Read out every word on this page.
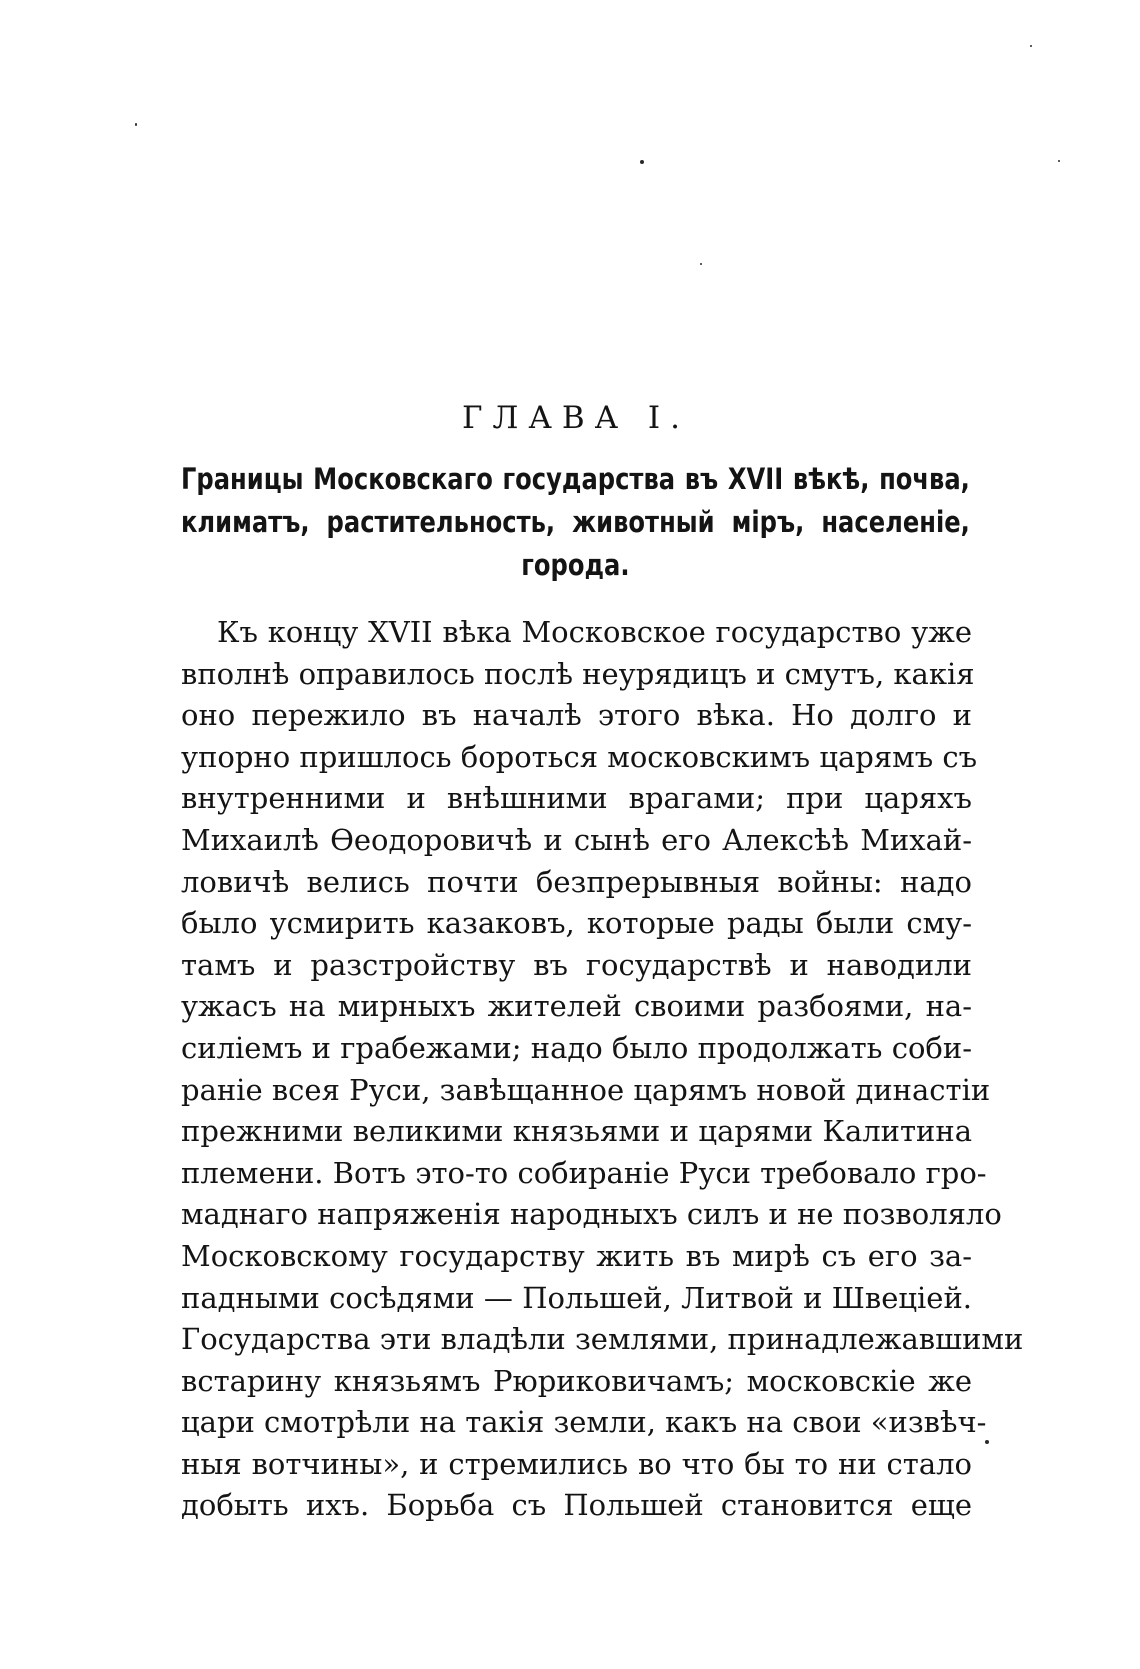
ГЛАВА I.
Границы Московскаго государства въ XVII вѣкѣ, почва,
климатъ, растительность, животный міръ, населеніе,
города.
Къ концу XVII вѣка Московское государство уже
вполнѣ оправилось послѣ неурядицъ и смутъ, какія
оно пережило въ началѣ этого вѣка. Но долго и
упорно пришлось бороться московскимъ царямъ съ
внутренними и внѣшними врагами; при царяхъ
Михаилѣ Ѳеодоровичѣ и сынѣ его Алексѣѣ Михай-
ловичѣ велись почти безпрерывныя войны: надо
было усмирить казаковъ, которые рады были сму-
тамъ и разстройству въ государствѣ и наводили
ужасъ на мирныхъ жителей своими разбоями, на-
силіемъ и грабежами; надо было продолжать соби-
раніе всея Руси, завѣщанное царямъ новой династіи
прежними великими князьями и царями Калитина
племени. Вотъ это-то собираніе Руси требовало гро-
маднаго напряженія народныхъ силъ и не позволяло
Московскому государству жить въ мирѣ съ его за-
падными сосѣдями — Польшей, Литвой и Швеціей.
Государства эти владѣли землями, принадлежавшими
встарину князьямъ Рюриковичамъ; московскіе же
цари смотрѣли на такія земли, какъ на свои «извѣч-
ныя вотчины», и стремились во что бы то ни стало
добыть ихъ. Борьба съ Польшей становится еще
